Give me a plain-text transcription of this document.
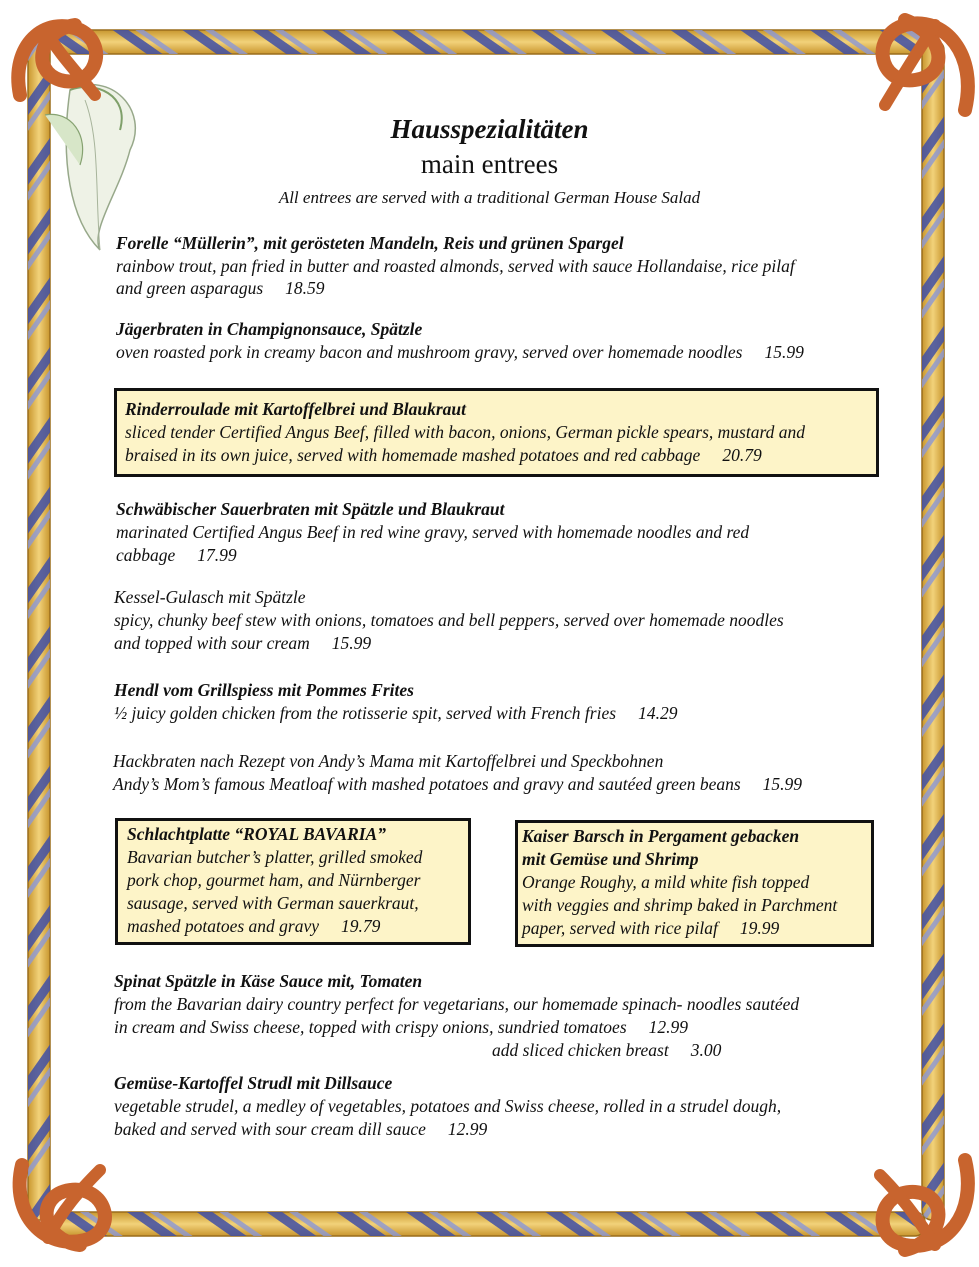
Hausspezialitäten
main entrees
All entrees are served with a traditional German House Salad
Forelle “Müllerin”, mit gerösteten Mandeln, Reis und grünen Spargel
rainbow trout, pan fried in butter and roasted almonds, served with sauce Hollandaise, rice pilaf
and green asparagus 18.59
Jägerbraten in Champignonsauce, Spätzle
oven roasted pork in creamy bacon and mushroom gravy, served over homemade noodles 15.99
Rinderroulade mit Kartoffelbrei und Blaukraut
sliced tender Certified Angus Beef, filled with bacon, onions, German pickle spears, mustard and
braised in its own juice, served with homemade mashed potatoes and red cabbage 20.79
Schwäbischer Sauerbraten mit Spätzle und Blaukraut
marinated Certified Angus Beef in red wine gravy, served with homemade noodles and red
cabbage 17.99
Kessel-Gulasch mit Spätzle
spicy, chunky beef stew with onions, tomatoes and bell peppers, served over homemade noodles
and topped with sour cream 15.99
Hendl vom Grillspiess mit Pommes Frites
½ juicy golden chicken from the rotisserie spit, served with French fries 14.29
Hackbraten nach Rezept von Andy’s Mama mit Kartoffelbrei und Speckbohnen
Andy’s Mom’s famous Meatloaf with mashed potatoes and gravy and sautéed green beans 15.99
Schlachtplatte “ROYAL BAVARIA”
Bavarian butcher’s platter, grilled smoked
pork chop, gourmet ham, and Nürnberger
sausage, served with German sauerkraut,
mashed potatoes and gravy 19.79
Kaiser Barsch in Pergament gebacken
mit Gemüse und Shrimp
Orange Roughy, a mild white fish topped
with veggies and shrimp baked in Parchment
paper, served with rice pilaf 19.99
Spinat Spätzle in Käse Sauce mit, Tomaten
from the Bavarian dairy country perfect for vegetarians, our homemade spinach- noodles sautéed
in cream and Swiss cheese, topped with crispy onions, sundried tomatoes 12.99
add sliced chicken breast 3.00
Gemüse-Kartoffel Strudl mit Dillsauce
vegetable strudel, a medley of vegetables, potatoes and Swiss cheese, rolled in a strudel dough,
baked and served with sour cream dill sauce 12.99
